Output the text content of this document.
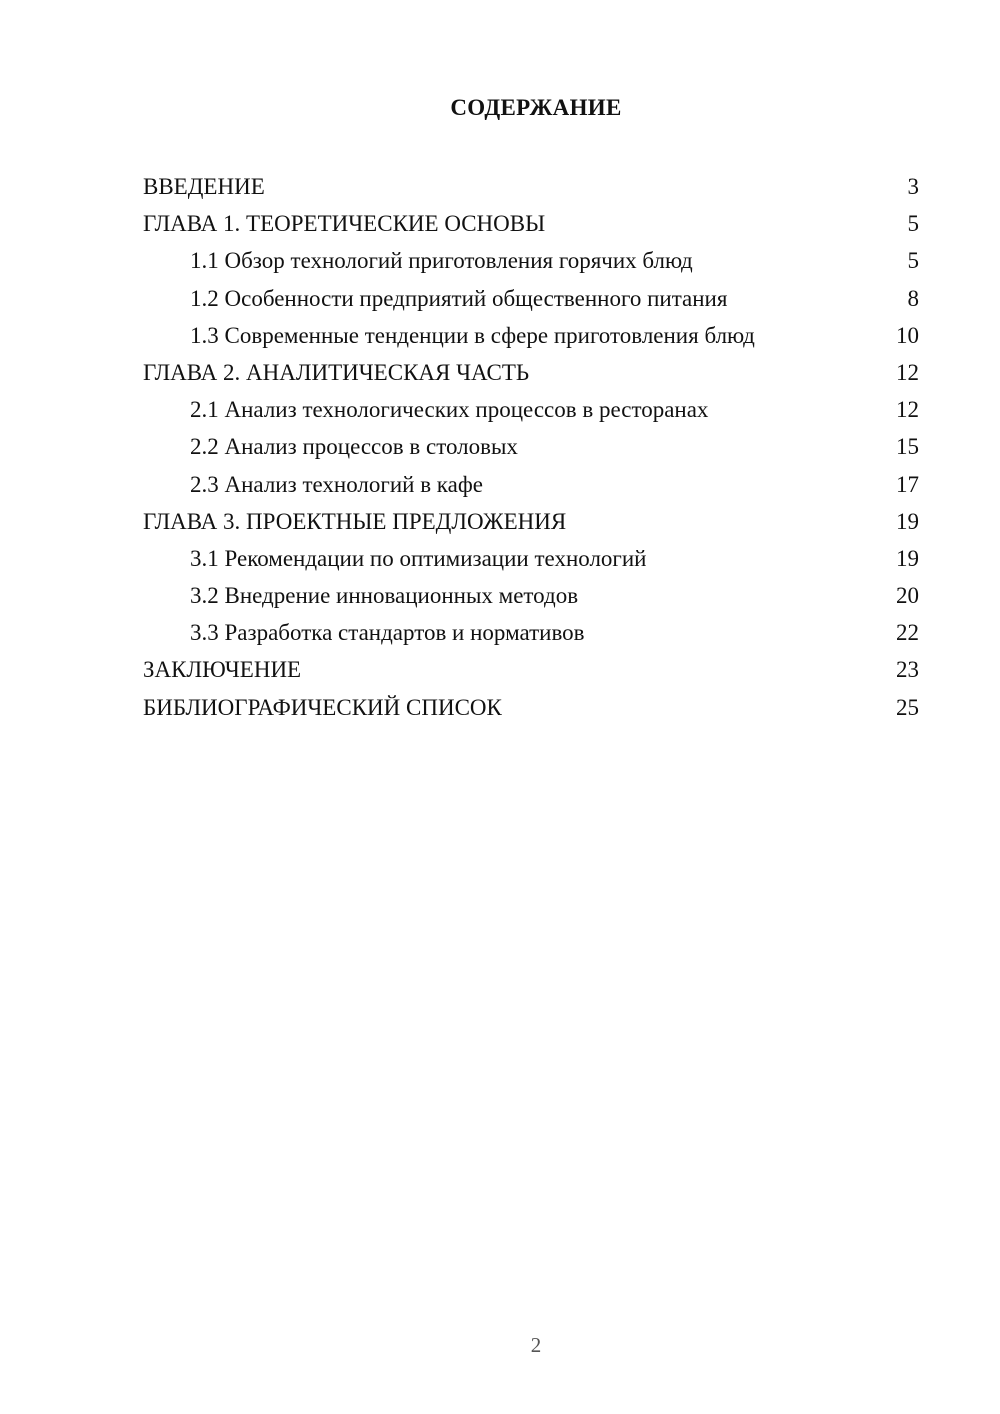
СОДЕРЖАНИЕ
ВВЕДЕНИЕ	3
ГЛАВА 1. ТЕОРЕТИЧЕСКИЕ ОСНОВЫ	5
1.1 Обзор технологий приготовления горячих блюд	5
1.2 Особенности предприятий общественного питания	8
1.3 Современные тенденции в сфере приготовления блюд	10
ГЛАВА 2. АНАЛИТИЧЕСКАЯ ЧАСТЬ	12
2.1 Анализ технологических процессов в ресторанах	12
2.2 Анализ процессов в столовых	15
2.3 Анализ технологий в кафе	17
ГЛАВА 3. ПРОЕКТНЫЕ ПРЕДЛОЖЕНИЯ	19
3.1 Рекомендации по оптимизации технологий	19
3.2 Внедрение инновационных методов	20
3.3 Разработка стандартов и нормативов	22
ЗАКЛЮЧЕНИЕ	23
БИБЛИОГРАФИЧЕСКИЙ СПИСОК	25
2
